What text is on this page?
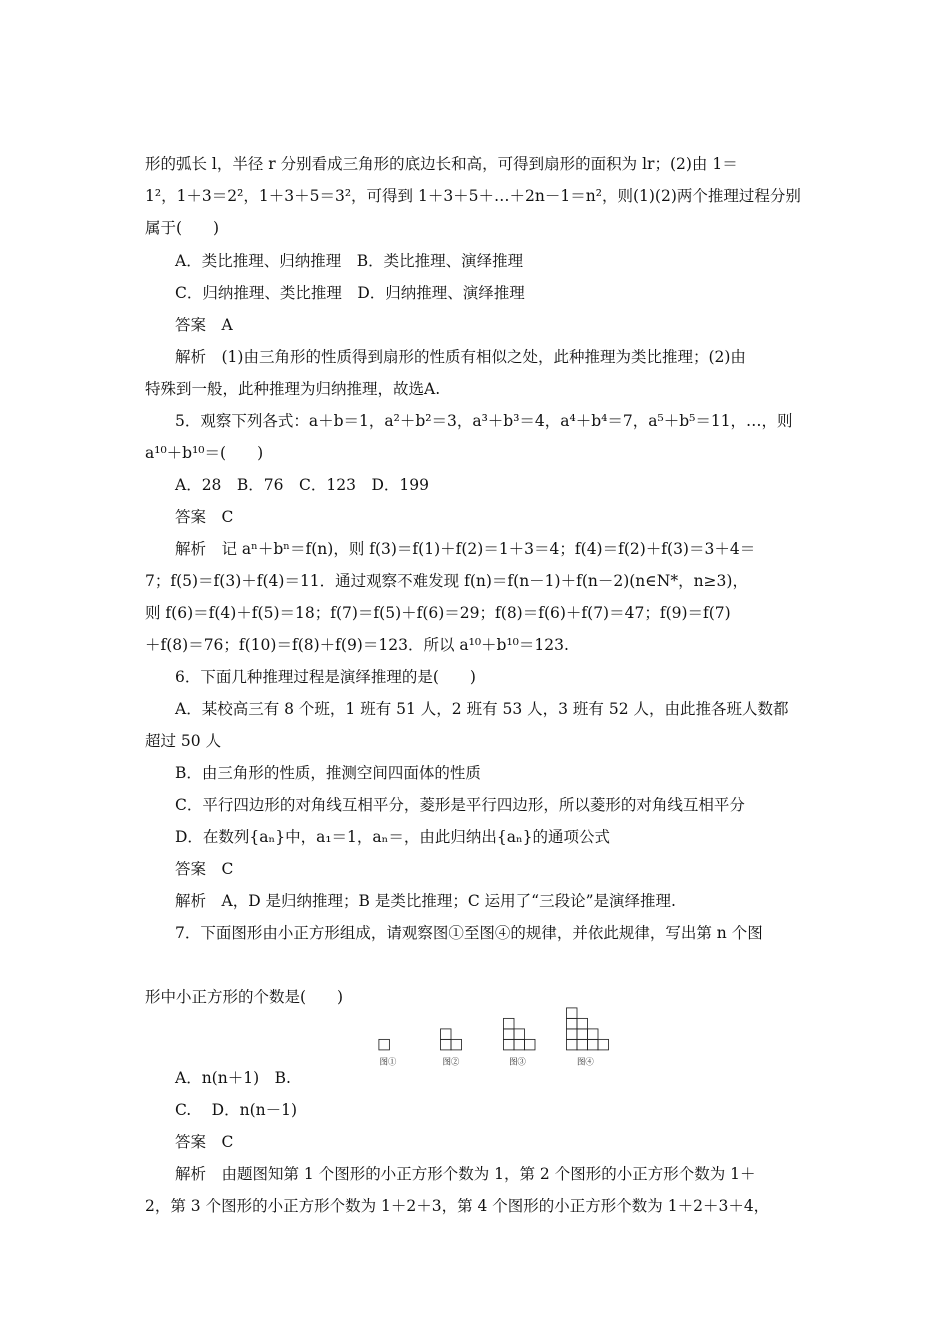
形的弧长 l，半径 r 分别看成三角形的底边长和高，可得到扇形的面积为 lr；(2)由 1＝
1²，1＋3＝2²，1＋3＋5＝3²，可得到 1＋3＋5＋…＋2n－1＝n²，则(1)(2)两个推理过程分别
属于(　　)
A．类比推理、归纳推理　B．类比推理、演绎推理
C．归纳推理、类比推理　D．归纳推理、演绎推理
答案　A
解析　(1)由三角形的性质得到扇形的性质有相似之处，此种推理为类比推理；(2)由
特殊到一般，此种推理为归纳推理，故选A.
5．观察下列各式：a＋b＝1，a²＋b²＝3，a³＋b³＝4，a⁴＋b⁴＝7，a⁵＋b⁵＝11，…，则
a¹⁰＋b¹⁰＝(　　)
A．28　B．76　C．123　D．199
答案　C
解析　记 aⁿ＋bⁿ＝f(n)，则 f(3)＝f(1)＋f(2)＝1＋3＝4；f(4)＝f(2)＋f(3)＝3＋4＝
7；f(5)＝f(3)＋f(4)＝11．通过观察不难发现 f(n)＝f(n－1)＋f(n－2)(n∈N*，n≥3)，
则 f(6)＝f(4)＋f(5)＝18；f(7)＝f(5)＋f(6)＝29；f(8)＝f(6)＋f(7)＝47；f(9)＝f(7)
＋f(8)＝76；f(10)＝f(8)＋f(9)＝123．所以 a¹⁰＋b¹⁰＝123.
6．下面几种推理过程是演绎推理的是(　　)
A．某校高三有 8 个班，1 班有 51 人，2 班有 53 人，3 班有 52 人，由此推各班人数都
超过 50 人
B．由三角形的性质，推测空间四面体的性质
C．平行四边形的对角线互相平分，菱形是平行四边形，所以菱形的对角线互相平分
D．在数列{aₙ}中，a₁＝1，aₙ＝，由此归纳出{aₙ}的通项公式
答案　C
解析　A，D 是归纳推理；B 是类比推理；C 运用了“三段论”是演绎推理.
7．下面图形由小正方形组成，请观察图①至图④的规律，并依此规律，写出第 n 个图
形中小正方形的个数是(　　)
图①	图②	图③	图④
A．n(n＋1)　B.
C.　 D．n(n－1)
答案　C
解析　由题图知第 1 个图形的小正方形个数为 1，第 2 个图形的小正方形个数为 1＋
2，第 3 个图形的小正方形个数为 1＋2＋3，第 4 个图形的小正方形个数为 1＋2＋3＋4，
